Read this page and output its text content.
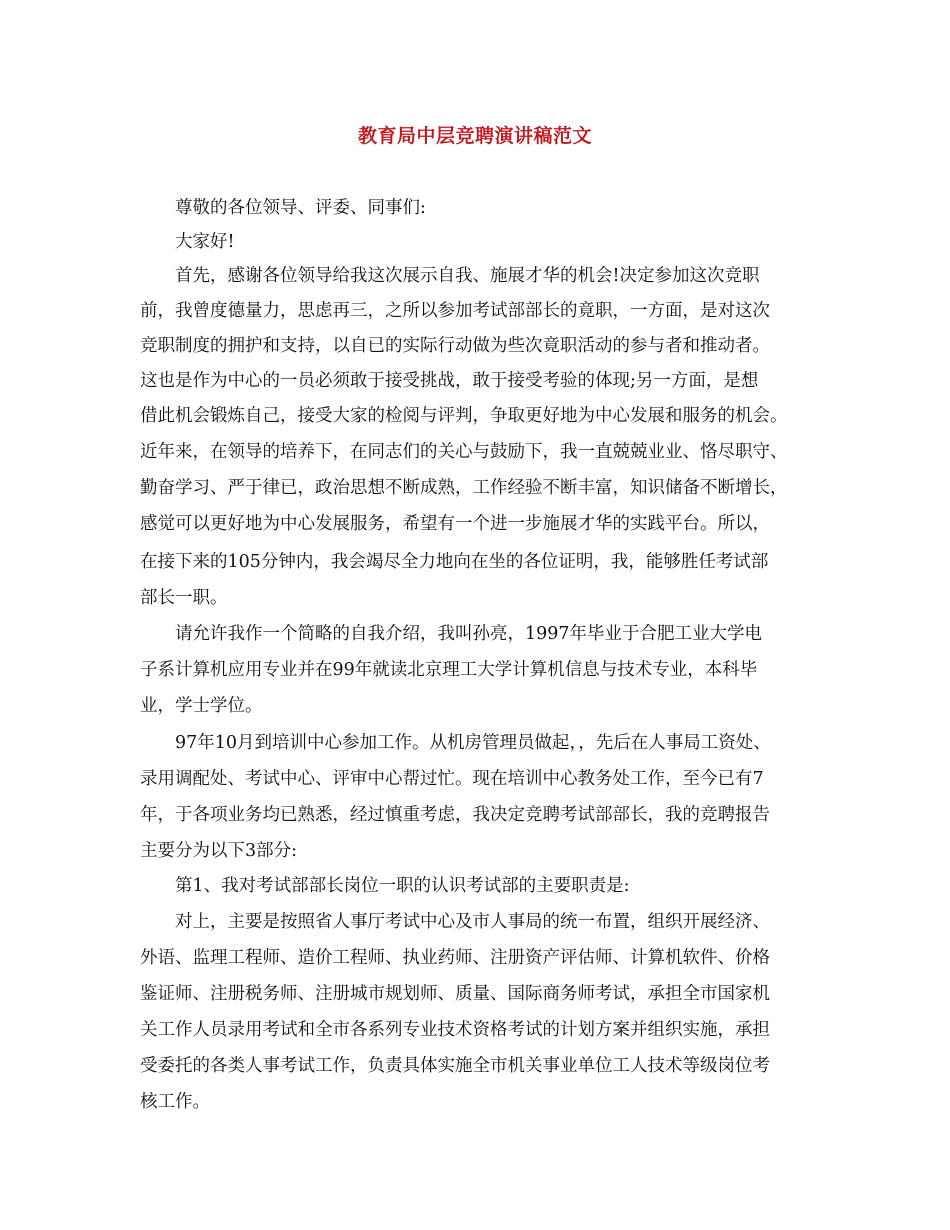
教育局中层竞聘演讲稿范文
尊敬的各位领导、评委、同事们:
大家好!
首先，感谢各位领导给我这次展示自我、施展才华的机会!决定参加这次竞职
前，我曾度德量力，思虑再三，之所以参加考试部部长的竟职，一方面，是对这次
竞职制度的拥护和支持，以自已的实际行动做为些次竟职活动的参与者和推动者。
这也是作为中心的一员必须敢于接受挑战，敢于接受考验的体现;另一方面，是想
借此机会锻炼自己，接受大家的检阅与评判，争取更好地为中心发展和服务的机会。
近年来，在领导的培养下，在同志们的关心与鼓励下，我一直兢兢业业、恪尽职守、
勤奋学习、严于律已，政治思想不断成熟，工作经验不断丰富，知识储备不断增长，
感觉可以更好地为中心发展服务，希望有一个进一步施展才华的实践平台。所以，
在接下来的105分钟内，我会竭尽全力地向在坐的各位证明，我，能够胜任考试部
部长一职。
请允许我作一个简略的自我介绍，我叫孙亮，1997年毕业于合肥工业大学电
子系计算机应用专业并在99年就读北京理工大学计算机信息与技术专业，本科毕
业，学士学位。
97年10月到培训中心参加工作。从机房管理员做起，，先后在人事局工资处、
录用调配处、考试中心、评审中心帮过忙。现在培训中心教务处工作，至今已有7
年，于各项业务均已熟悉，经过慎重考虑，我决定竞聘考试部部长，我的竞聘报告
主要分为以下3部分:
第1、我对考试部部长岗位一职的认识考试部的主要职责是:
对上，主要是按照省人事厅考试中心及市人事局的统一布置，组织开展经济、
外语、监理工程师、造价工程师、执业药师、注册资产评估师、计算机软件、价格
鉴证师、注册税务师、注册城市规划师、质量、国际商务师考试，承担全市国家机
关工作人员录用考试和全市各系列专业技术资格考试的计划方案并组织实施，承担
受委托的各类人事考试工作，负责具体实施全市机关事业单位工人技术等级岗位考
核工作。
